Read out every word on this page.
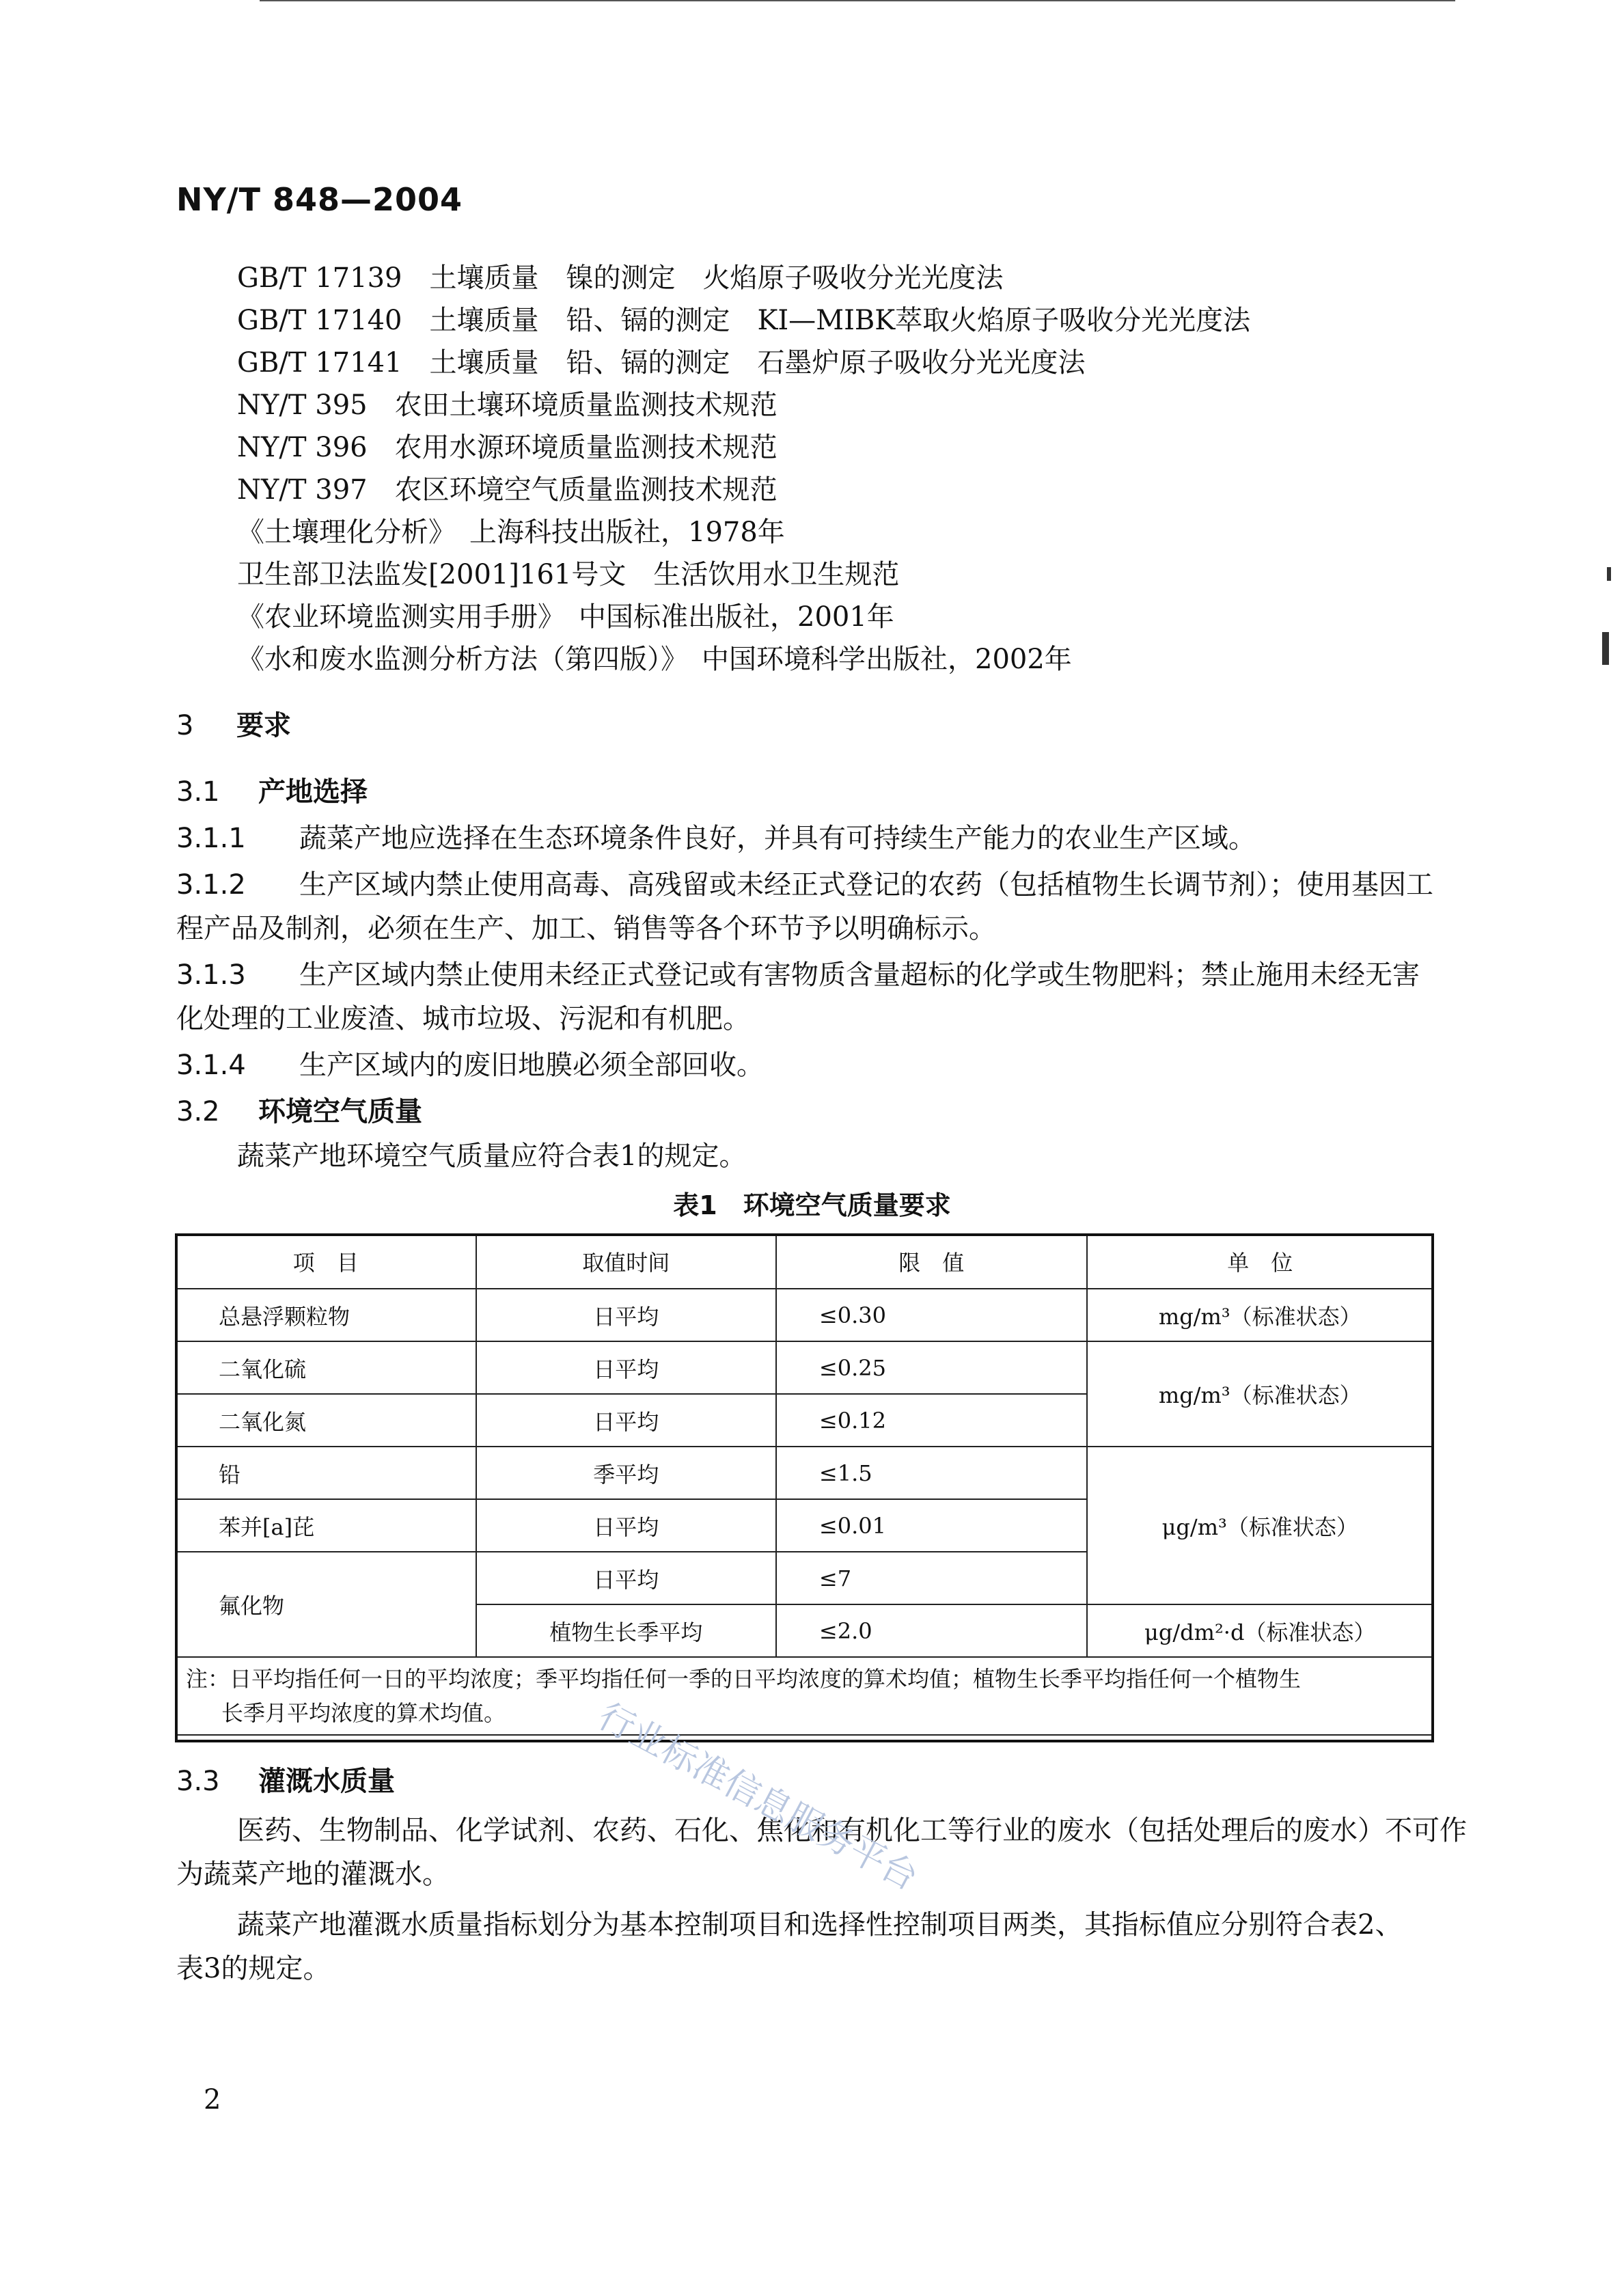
NY/T 848—2004
GB/T 17139　土壤质量　镍的测定　火焰原子吸收分光光度法
GB/T 17140　土壤质量　铅、镉的测定　KI—MIBK萃取火焰原子吸收分光光度法
GB/T 17141　土壤质量　铅、镉的测定　石墨炉原子吸收分光光度法
NY/T 395　农田土壤环境质量监测技术规范
NY/T 396　农用水源环境质量监测技术规范
NY/T 397　农区环境空气质量监测技术规范
《土壤理化分析》　上海科技出版社，1978年
卫生部卫法监发[2001]161号文　生活饮用水卫生规范
《农业环境监测实用手册》　中国标准出版社，2001年
《水和废水监测分析方法（第四版）》　中国环境科学出版社，2002年
3 要求
3.1 产地选择
3.1.1 蔬菜产地应选择在生态环境条件良好，并具有可持续生产能力的农业生产区域。
3.1.2 生产区域内禁止使用高毒、高残留或未经正式登记的农药（包括植物生长调节剂）；使用基因工
程产品及制剂，必须在生产、加工、销售等各个环节予以明确标示。
3.1.3 生产区域内禁止使用未经正式登记或有害物质含量超标的化学或生物肥料；禁止施用未经无害
化处理的工业废渣、城市垃圾、污泥和有机肥。
3.1.4 生产区域内的废旧地膜必须全部回收。
3.2 环境空气质量
蔬菜产地环境空气质量应符合表1的规定。
表1　环境空气质量要求
项　目	取值时间	限　值	单　位
总悬浮颗粒物	日平均	≤0.30	mg/m³（标准状态）
二氧化硫	日平均	≤0.25	mg/m³（标准状态）
二氧化氮	日平均	≤0.12	
铅	季平均	≤1.5	μg/m³（标准状态）
苯并[a]芘	日平均	≤0.01	
氟化物	日平均	≤7	
	植物生长季平均	≤2.0	μg/dm²·d（标准状态）

注：日平均指任何一日的平均浓度；季平均指任何一季的日平均浓度的算术均值；植物生长季平均指任何一个植物生
长季月平均浓度的算术均值。			
3.3 灌溉水质量
医药、生物制品、化学试剂、农药、石化、焦化和有机化工等行业的废水（包括处理后的废水）不可作
为蔬菜产地的灌溉水。
蔬菜产地灌溉水质量指标划分为基本控制项目和选择性控制项目两类，其指标值应分别符合表2、
表3的规定。
行业标准信息服务平台
2
